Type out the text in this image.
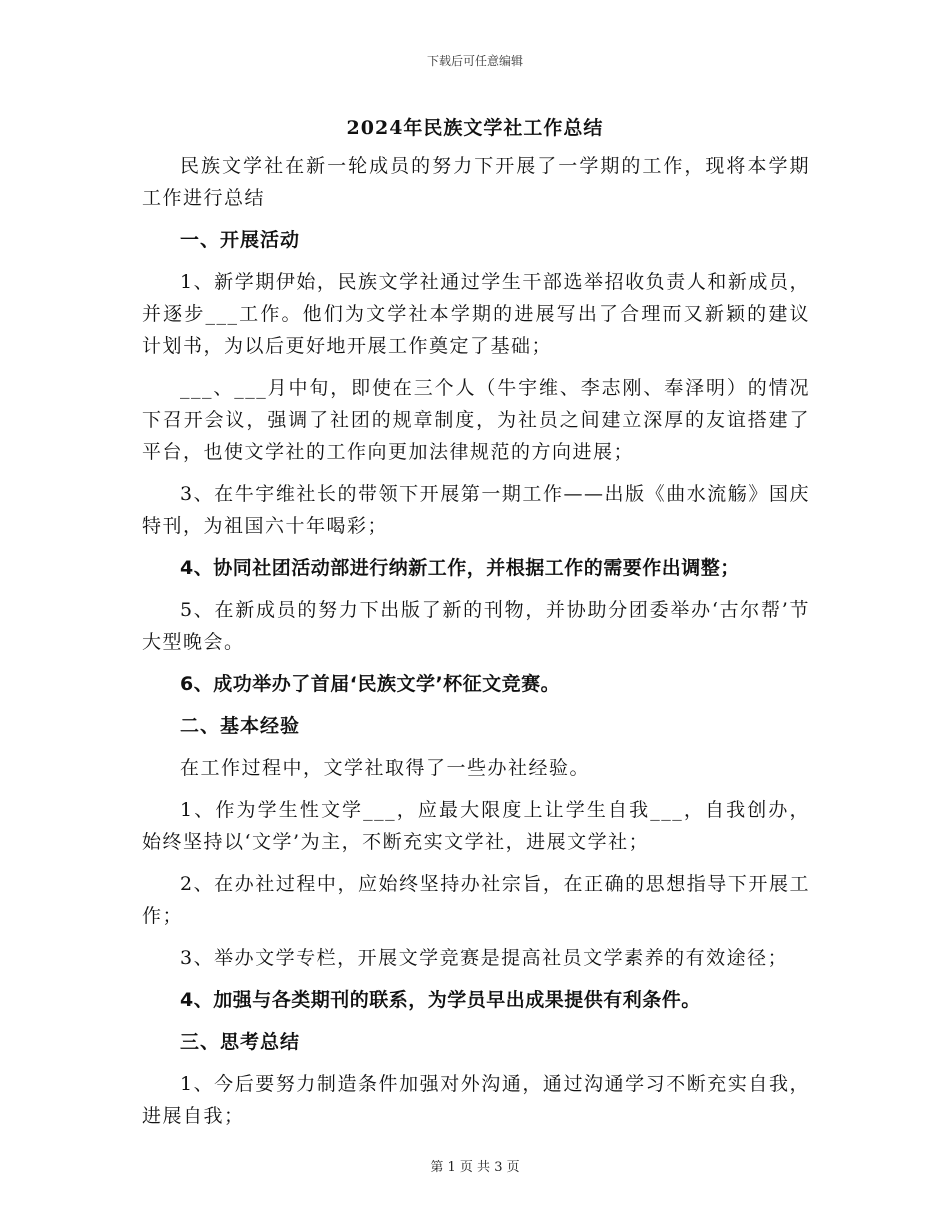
下载后可任意编辑
2024年民族文学社工作总结

民族文学社在新一轮成员的努力下开展了一学期的工作，现将本学期工作进行总结

一、开展活动

1、新学期伊始，民族文学社通过学生干部选举招收负责人和新成员，并逐步___工作。他们为文学社本学期的进展写出了合理而又新颖的建议计划书，为以后更好地开展工作奠定了基础；

___、___月中旬，即使在三个人（牛宇维、李志刚、奉泽明）的情况下召开会议，强调了社团的规章制度，为社员之间建立深厚的友谊搭建了平台，也使文学社的工作向更加法律规范的方向进展；

3、在牛宇维社长的带领下开展第一期工作——出版《曲水流觞》国庆特刊，为祖国六十年喝彩；

4、协同社团活动部进行纳新工作，并根据工作的需要作出调整；

5、在新成员的努力下出版了新的刊物，并协助分团委举办‘古尔帮’节大型晚会。

6、成功举办了首届‘民族文学’杯征文竞赛。

二、基本经验

在工作过程中，文学社取得了一些办社经验。

1、作为学生性文学___，应最大限度上让学生自我___，自我创办，始终坚持以‘文学’为主，不断充实文学社，进展文学社；

2、在办社过程中，应始终坚持办社宗旨，在正确的思想指导下开展工作；

3、举办文学专栏，开展文学竞赛是提高社员文学素养的有效途径；

4、加强与各类期刊的联系，为学员早出成果提供有利条件。

三、思考总结

1、今后要努力制造条件加强对外沟通，通过沟通学习不断充实自我，进展自我；

第 1 页 共 3 页
